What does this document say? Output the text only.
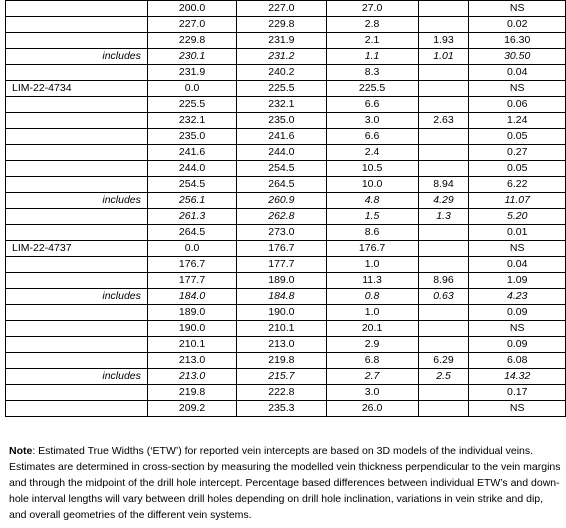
	200.0	227.0	27.0		NS
	227.0	229.8	2.8		0.02
	229.8	231.9	2.1	1.93	16.30
includes	230.1	231.2	1.1	1.01	30.50
	231.9	240.2	8.3		0.04
LIM-22-4734	0.0	225.5	225.5		NS
	225.5	232.1	6.6		0.06
	232.1	235.0	3.0	2.63	1.24
	235.0	241.6	6.6		0.05
	241.6	244.0	2.4		0.27
	244.0	254.5	10.5		0.05
	254.5	264.5	10.0	8.94	6.22
includes	256.1	260.9	4.8	4.29	11.07
	261.3	262.8	1.5	1.3	5.20
	264.5	273.0	8.6		0.01
LIM-22-4737	0.0	176.7	176.7		NS
	176.7	177.7	1.0		0.04
	177.7	189.0	11.3	8.96	1.09
includes	184.0	184.8	0.8	0.63	4.23
	189.0	190.0	1.0		0.09
	190.0	210.1	20.1		NS
	210.1	213.0	2.9		0.09
	213.0	219.8	6.8	6.29	6.08
includes	213.0	215.7	2.7	2.5	14.32
	219.8	222.8	3.0		0.17
	209.2	235.3	26.0		NS
Note: Estimated True Widths (‘ETW’) for reported vein intercepts are based on 3D models of the individual veins. Estimates are determined in cross-section by measuring the modelled vein thickness perpendicular to the vein margins and through the midpoint of the drill hole intercept. Percentage based differences between individual ETW’s and down-hole interval lengths will vary between drill holes depending on drill hole inclination, variations in vein strike and dip, and overall geometries of the different vein systems.
